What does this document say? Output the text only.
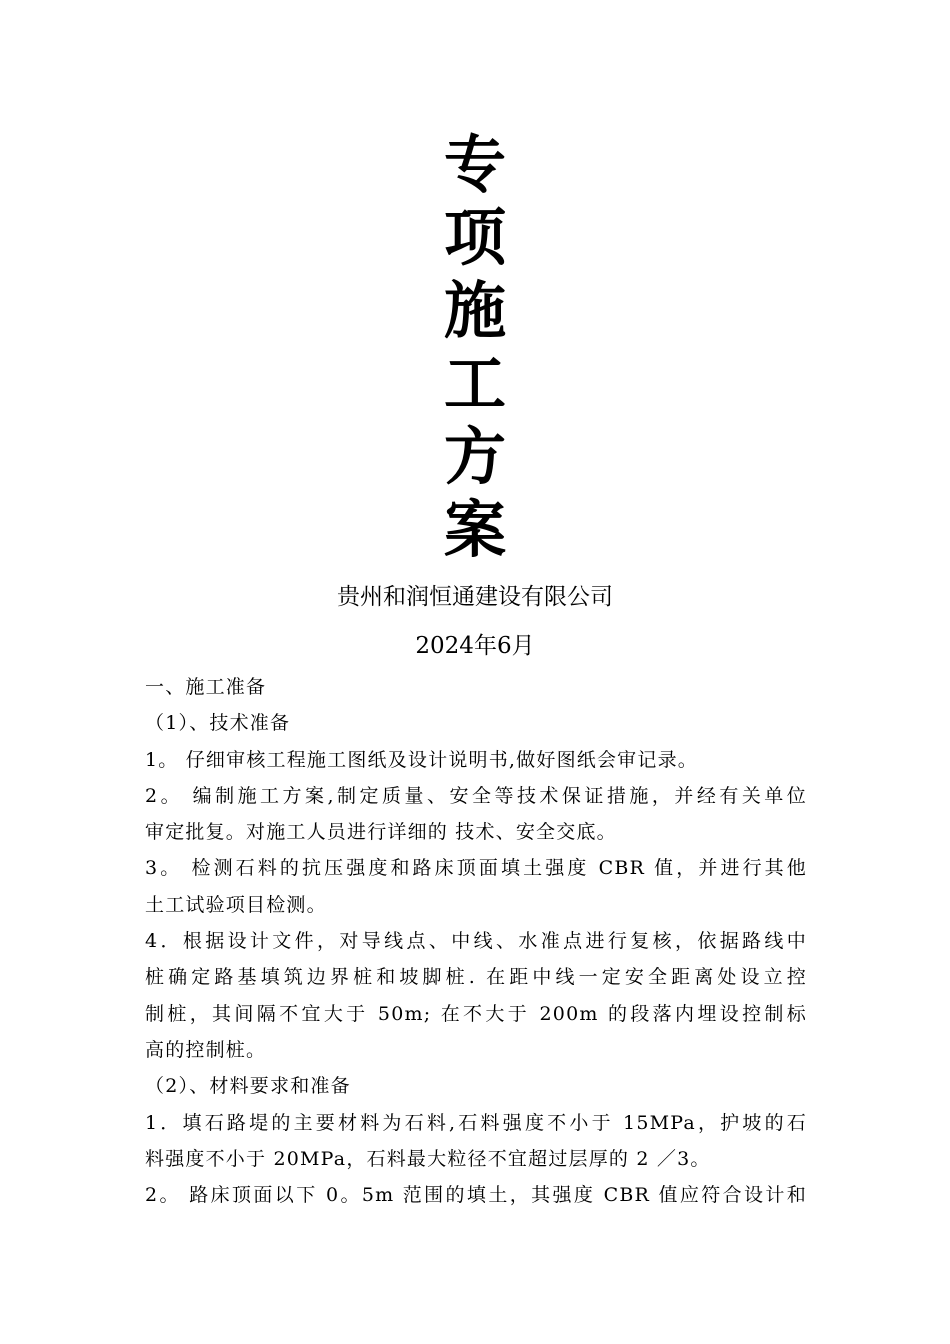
专
项
施
工
方
案
贵州和润恒通建设有限公司
2024年6月
一、施工准备
（1）、技术准备
1。 仔细审核工程施工图纸及设计说明书,做好图纸会审记录。
2。 编制施工方案,制定质量、安全等技术保证措施，并经有关单位
审定批复。对施工人员进行详细的 技术、安全交底。
3。 检测石料的抗压强度和路床顶面填土强度 CBR 值，并进行其他
土工试验项目检测。
4．根据设计文件，对导线点、中线、水准点进行复核，依据路线中
桩确定路基填筑边界桩和坡脚桩. 在距中线一定安全距离处设立控
制桩，其间隔不宜大于 50m; 在不大于 200m 的段落内埋设控制标
高的控制桩。
（2）、材料要求和准备
1．填石路堤的主要材料为石料,石料强度不小于 15MPa，护坡的石
料强度不小于 20MPa，石料最大粒径不宜超过层厚的 2 ／3。
2。 路床顶面以下 0。5m 范围的填土，其强度 CBR 值应符合设计和
